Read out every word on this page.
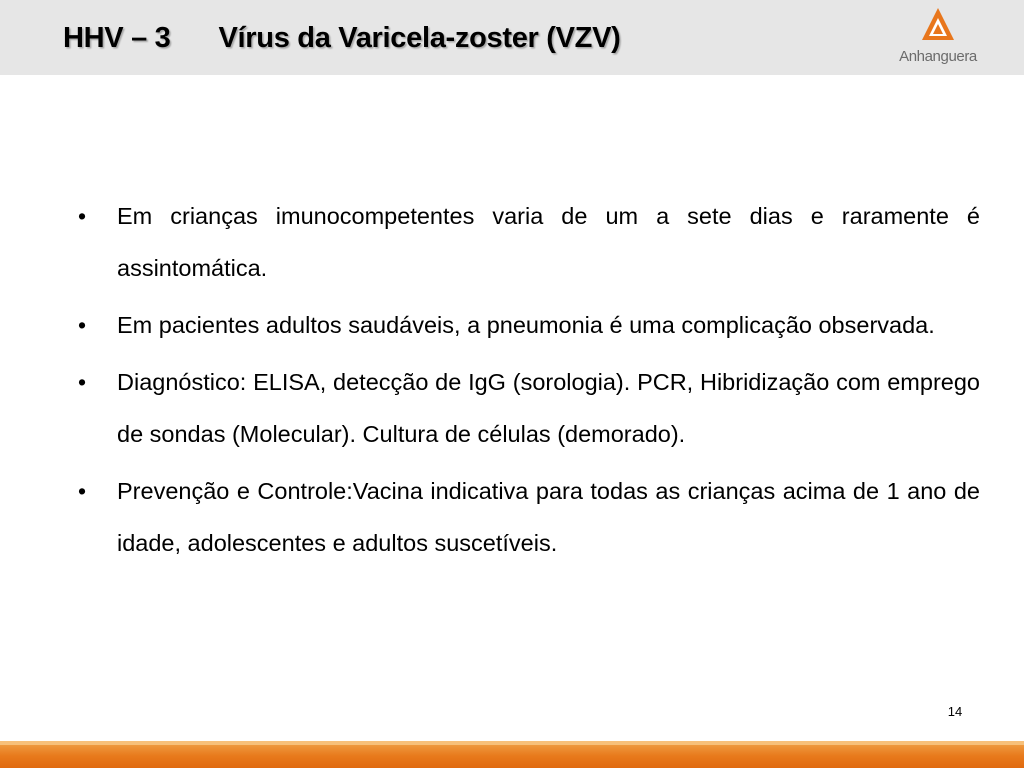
HHV – 3 Vírus da Varicela-zoster (VZV)
Anhanguera
• Em crianças imunocompetentes varia de um a sete dias e raramente é assintomática.
• Em pacientes adultos saudáveis, a pneumonia é uma complicação observada.
• Diagnóstico: ELISA, detecção de IgG (sorologia). PCR, Hibridização com emprego de sondas (Molecular). Cultura de células (demorado).
• Prevenção e Controle:Vacina indicativa para todas as crianças acima de 1 ano de idade, adolescentes e adultos suscetíveis.
14
